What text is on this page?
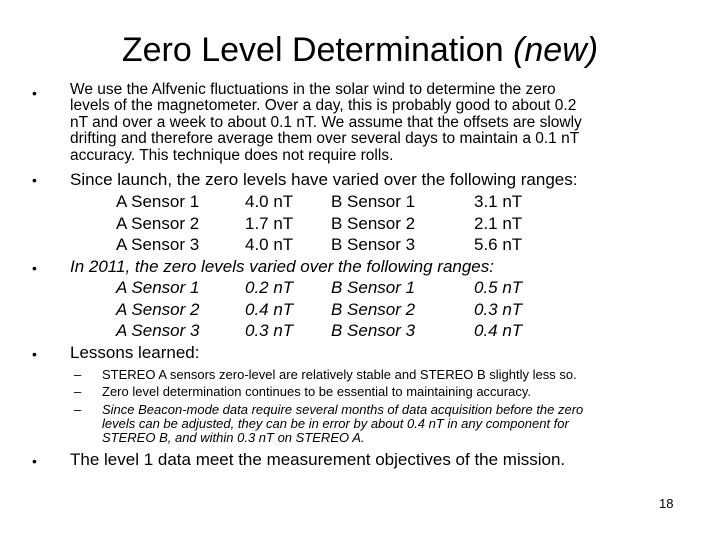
Zero Level Determination (new)
• We use the Alfvenic fluctuations in the solar wind to determine the zero
levels of the magnetometer. Over a day, this is probably good to about 0.2
nT and over a week to about 0.1 nT. We assume that the offsets are slowly
drifting and therefore average them over several days to maintain a 0.1 nT
accuracy. This technique does not require rolls.
• Since launch, the zero levels have varied over the following ranges:
A Sensor 1	4.0 nT B Sensor 1	3.1 nT
A Sensor 2	1.7 nT B Sensor 2	2.1 nT
A Sensor 3	4.0 nT B Sensor 3	5.6 nT
• In 2011, the zero levels varied over the following ranges:
A Sensor 1	0.2 nT B Sensor 1	0.5 nT
A Sensor 2	0.4 nT B Sensor 2	0.3 nT
A Sensor 3	0.3 nT B Sensor 3	0.4 nT
• Lessons learned:
– STEREO A sensors zero-level are relatively stable and STEREO B slightly less so.
– Zero level determination continues to be essential to maintaining accuracy.
– Since Beacon-mode data require several months of data acquisition before the zero
levels can be adjusted, they can be in error by about 0.4 nT in any component for
STEREO B, and within 0.3 nT on STEREO A.
• The level 1 data meet the measurement objectives of the mission.
18
